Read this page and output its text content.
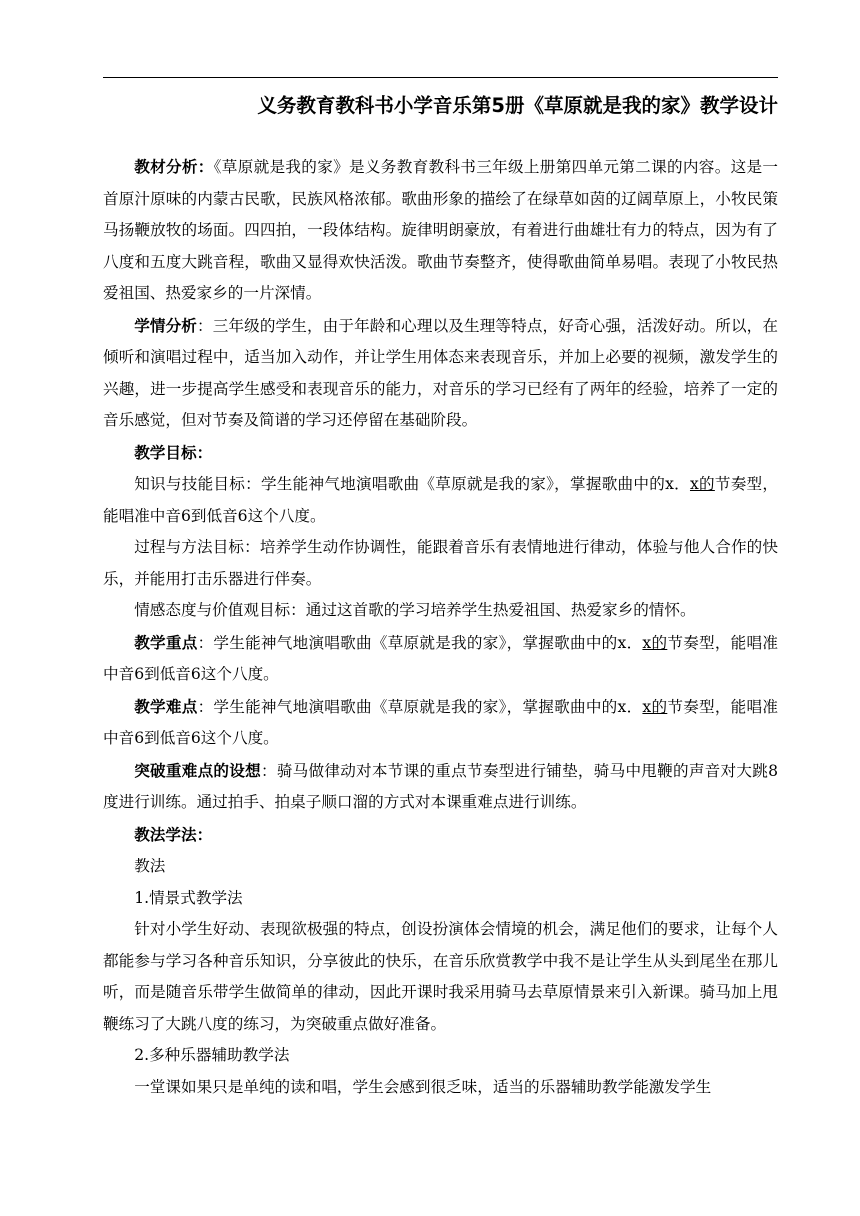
义务教育教科书小学音乐第5册《草原就是我的家》教学设计

教材分析：《草原就是我的家》是义务教育教科书三年级上册第四单元第二课的内容。这是一首原汁原味的内蒙古民歌，民族风格浓郁。歌曲形象的描绘了在绿草如茵的辽阔草原上，小牧民策马扬鞭放牧的场面。四四拍，一段体结构。旋律明朗豪放，有着进行曲雄壮有力的特点，因为有了八度和五度大跳音程，歌曲又显得欢快活泼。歌曲节奏整齐，使得歌曲简单易唱。表现了小牧民热爱祖国、热爱家乡的一片深情。

学情分析：三年级的学生，由于年龄和心理以及生理等特点，好奇心强，活泼好动。所以，在倾听和演唱过程中，适当加入动作，并让学生用体态来表现音乐，并加上必要的视频，激发学生的兴趣，进一步提高学生感受和表现音乐的能力，对音乐的学习已经有了两年的经验，培养了一定的音乐感觉，但对节奏及简谱的学习还停留在基础阶段。

教学目标：

知识与技能目标：学生能神气地演唱歌曲《草原就是我的家》，掌握歌曲中的x．x的节奏型，能唱准中音6到低音6这个八度。

过程与方法目标：培养学生动作协调性，能跟着音乐有表情地进行律动，体验与他人合作的快乐，并能用打击乐器进行伴奏。

情感态度与价值观目标：通过这首歌的学习培养学生热爱祖国、热爱家乡的情怀。

教学重点：学生能神气地演唱歌曲《草原就是我的家》，掌握歌曲中的x．x的节奏型，能唱准中音6到低音6这个八度。

教学难点：学生能神气地演唱歌曲《草原就是我的家》，掌握歌曲中的x．x的节奏型，能唱准中音6到低音6这个八度。

突破重难点的设想：骑马做律动对本节课的重点节奏型进行铺垫，骑马中甩鞭的声音对大跳8度进行训练。通过拍手、拍桌子顺口溜的方式对本课重难点进行训练。

教法学法：

教法

1.情景式教学法

针对小学生好动、表现欲极强的特点，创设扮演体会情境的机会，满足他们的要求，让每个人都能参与学习各种音乐知识，分享彼此的快乐，在音乐欣赏教学中我不是让学生从头到尾坐在那儿听，而是随音乐带学生做简单的律动，因此开课时我采用骑马去草原情景来引入新课。骑马加上甩鞭练习了大跳八度的练习，为突破重点做好准备。

2.多种乐器辅助教学法

一堂课如果只是单纯的读和唱，学生会感到很乏味，适当的乐器辅助教学能激发学生
